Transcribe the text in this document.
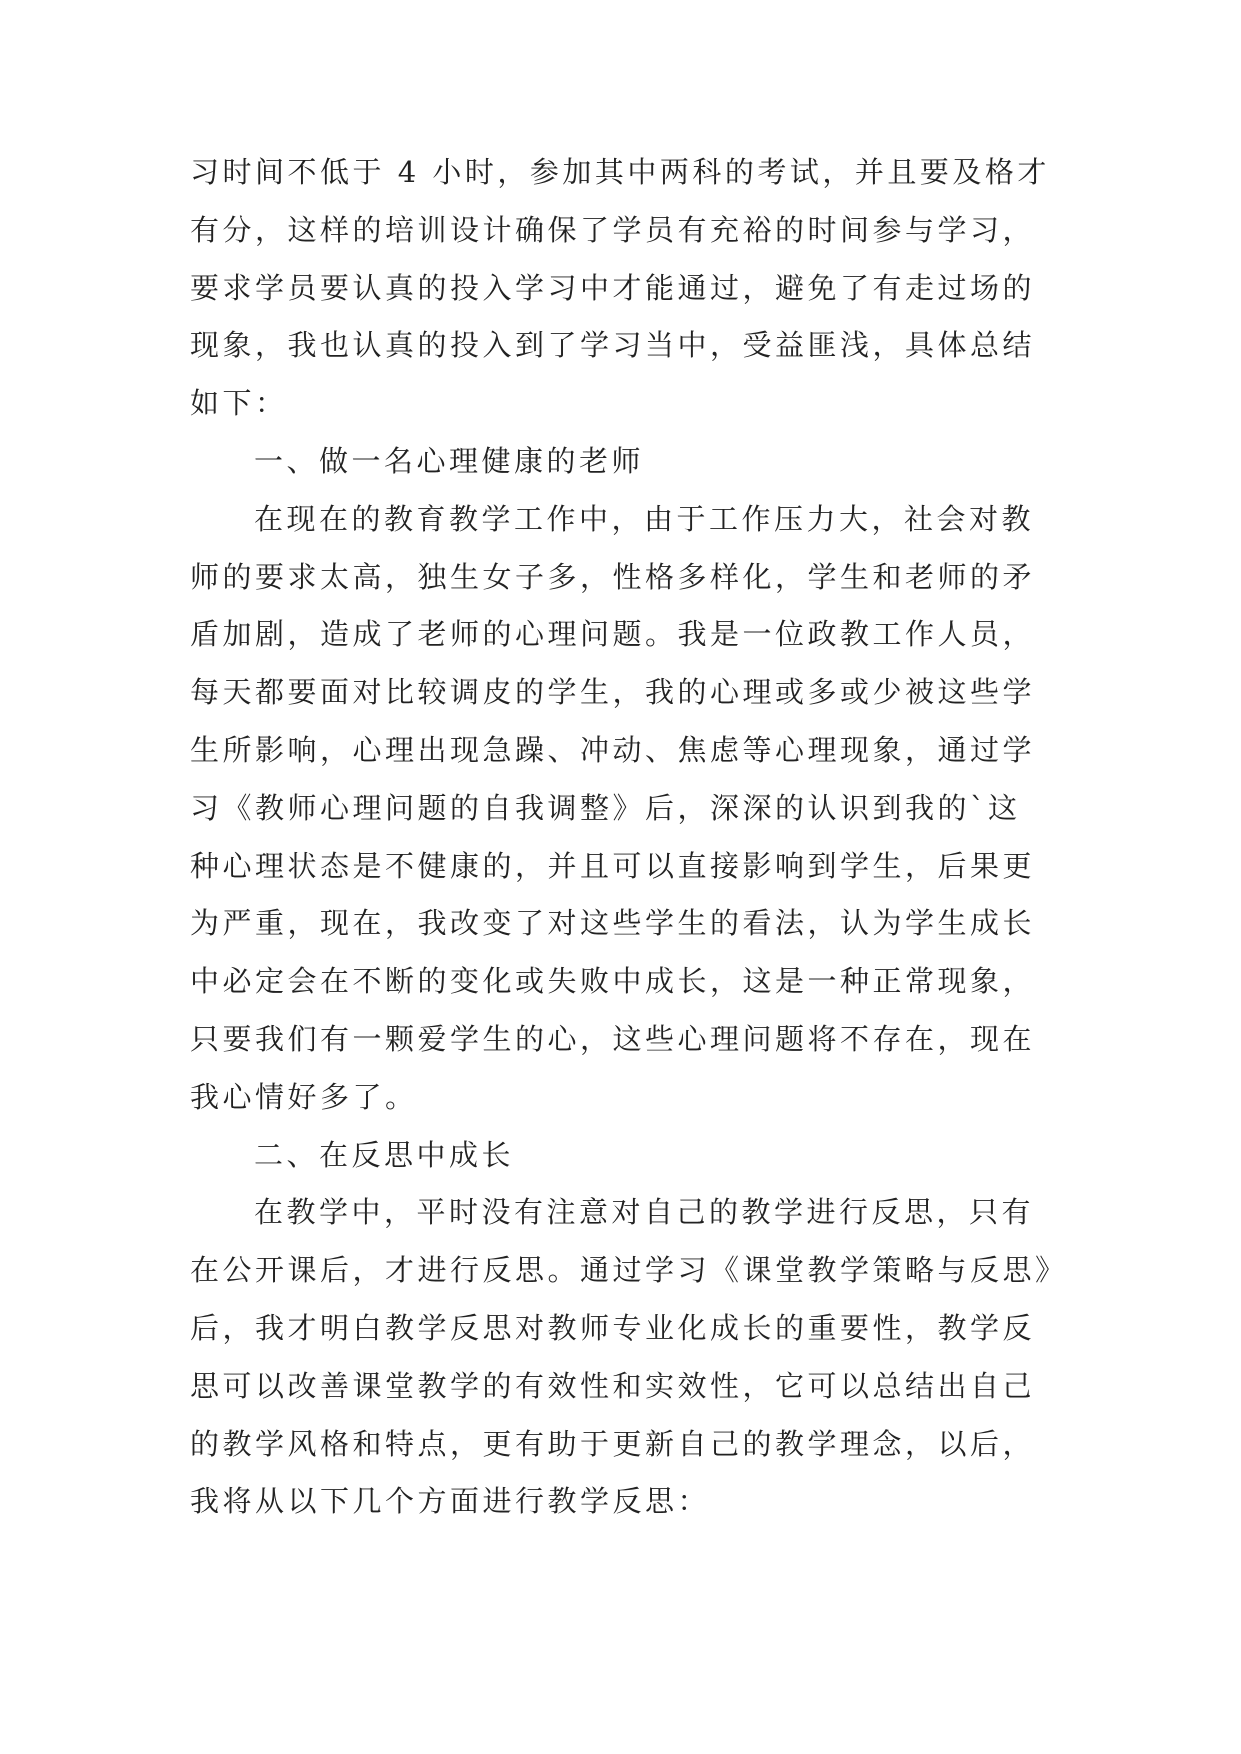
习时间不低于 4 小时，参加其中两科的考试，并且要及格才
有分，这样的培训设计确保了学员有充裕的时间参与学习，
要求学员要认真的投入学习中才能通过，避免了有走过场的
现象，我也认真的投入到了学习当中，受益匪浅，具体总结
如下：

一、做一名心理健康的老师

在现在的教育教学工作中，由于工作压力大，社会对教
师的要求太高，独生女子多，性格多样化，学生和老师的矛
盾加剧，造成了老师的心理问题。我是一位政教工作人员，
每天都要面对比较调皮的学生，我的心理或多或少被这些学
生所影响，心理出现急躁、冲动、焦虑等心理现象，通过学
习《教师心理问题的自我调整》后，深深的认识到我的`这
种心理状态是不健康的，并且可以直接影响到学生，后果更
为严重，现在，我改变了对这些学生的看法，认为学生成长
中必定会在不断的变化或失败中成长，这是一种正常现象，
只要我们有一颗爱学生的心，这些心理问题将不存在，现在
我心情好多了。

二、在反思中成长

在教学中，平时没有注意对自己的教学进行反思，只有
在公开课后，才进行反思。通过学习《课堂教学策略与反思》
后，我才明白教学反思对教师专业化成长的重要性，教学反
思可以改善课堂教学的有效性和实效性，它可以总结出自己
的教学风格和特点，更有助于更新自己的教学理念，以后，
我将从以下几个方面进行教学反思：
